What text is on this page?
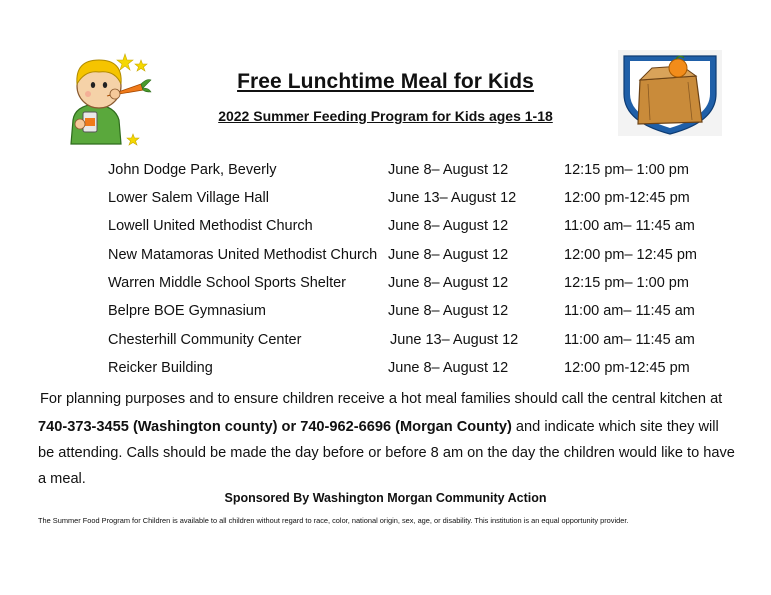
Free Lunchtime Meal for Kids
2022 Summer Feeding Program for Kids ages 1-18
John Dodge Park, Beverly	June 8– August 12	12:15 pm– 1:00 pm
Lower Salem Village Hall	June 13– August 12	12:00 pm-12:45 pm
Lowell United Methodist Church	June 8– August 12	11:00 am– 11:45 am
New Matamoras United Methodist Church June 8– August 12	12:00 pm– 12:45 pm
Warren Middle School Sports Shelter	June 8– August 12	12:15 pm– 1:00 pm
Belpre BOE Gymnasium	June 8– August 12	11:00 am– 11:45 am
Chesterhill Community Center	June 13– August 12	11:00 am– 11:45 am
Reicker Building	June 8– August 12	12:00 pm-12:45 pm
For planning purposes and to ensure children receive a hot meal families should call the central kitchen at
740-373-3455 (Washington county) or 740-962-6696 (Morgan County) and indicate which site they will be attending. Calls should be made the day before or before 8 am on the day the children would like to have a meal.
Sponsored By Washington Morgan Community Action
The Summer Food Program for Children is available to all children without regard to race, color, national origin, sex, age, or disability. This institution is an equal opportunity provider.
